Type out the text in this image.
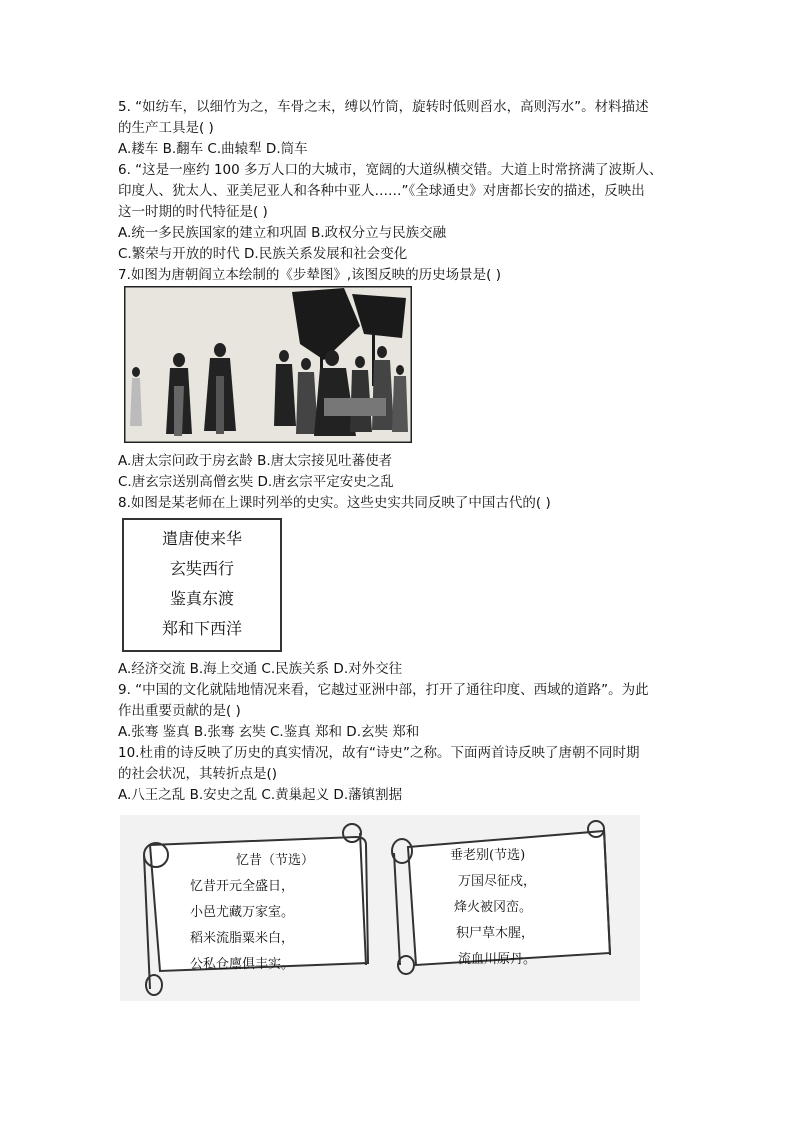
5. “如纺车，以细竹为之，车骨之末，缚以竹筒，旋转时低则舀水，高则泻水”。材料描述
的生产工具是( )
A.耧车 B.翻车 C.曲辕犁 D.筒车
6. “这是一座约 100 多万人口的大城市，宽阔的大道纵横交错。大道上时常挤满了波斯人、
印度人、犹太人、亚美尼亚人和各种中亚人……”《全球通史》对唐都长安的描述，反映出
这一时期的时代特征是( )
A.统一多民族国家的建立和巩固 B.政权分立与民族交融
C.繁荣与开放的时代 D.民族关系发展和社会变化
7.如图为唐朝阎立本绘制的《步辇图》,该图反映的历史场景是( )
A.唐太宗问政于房玄龄 B.唐太宗接见吐蕃使者
C.唐玄宗送别高僧玄奘 D.唐玄宗平定安史之乱
8.如图是某老师在上课时列举的史实。这些史实共同反映了中国古代的( )
遣唐使来华
玄奘西行
鉴真东渡
郑和下西洋
A.经济交流 B.海上交通 C.民族关系 D.对外交往
9. “中国的文化就陆地情况来看，它越过亚洲中部，打开了通往印度、西域的道路”。为此
作出重要贡献的是( )
A.张骞 鉴真 B.张骞 玄奘 C.鉴真 郑和 D.玄奘 郑和
10.杜甫的诗反映了历史的真实情况，故有“诗史”之称。下面两首诗反映了唐朝不同时期
的社会状况，其转折点是()
A.八王之乱 B.安史之乱 C.黄巢起义 D.藩镇割据
忆昔（节选）
忆昔开元全盛日，
小邑尤藏万家室。
稻米流脂粟米白，
公私仓廪俱丰实。
垂老别(节选)
万国尽征戍，
烽火被冈峦。
积尸草木腥，
流血川原丹。
